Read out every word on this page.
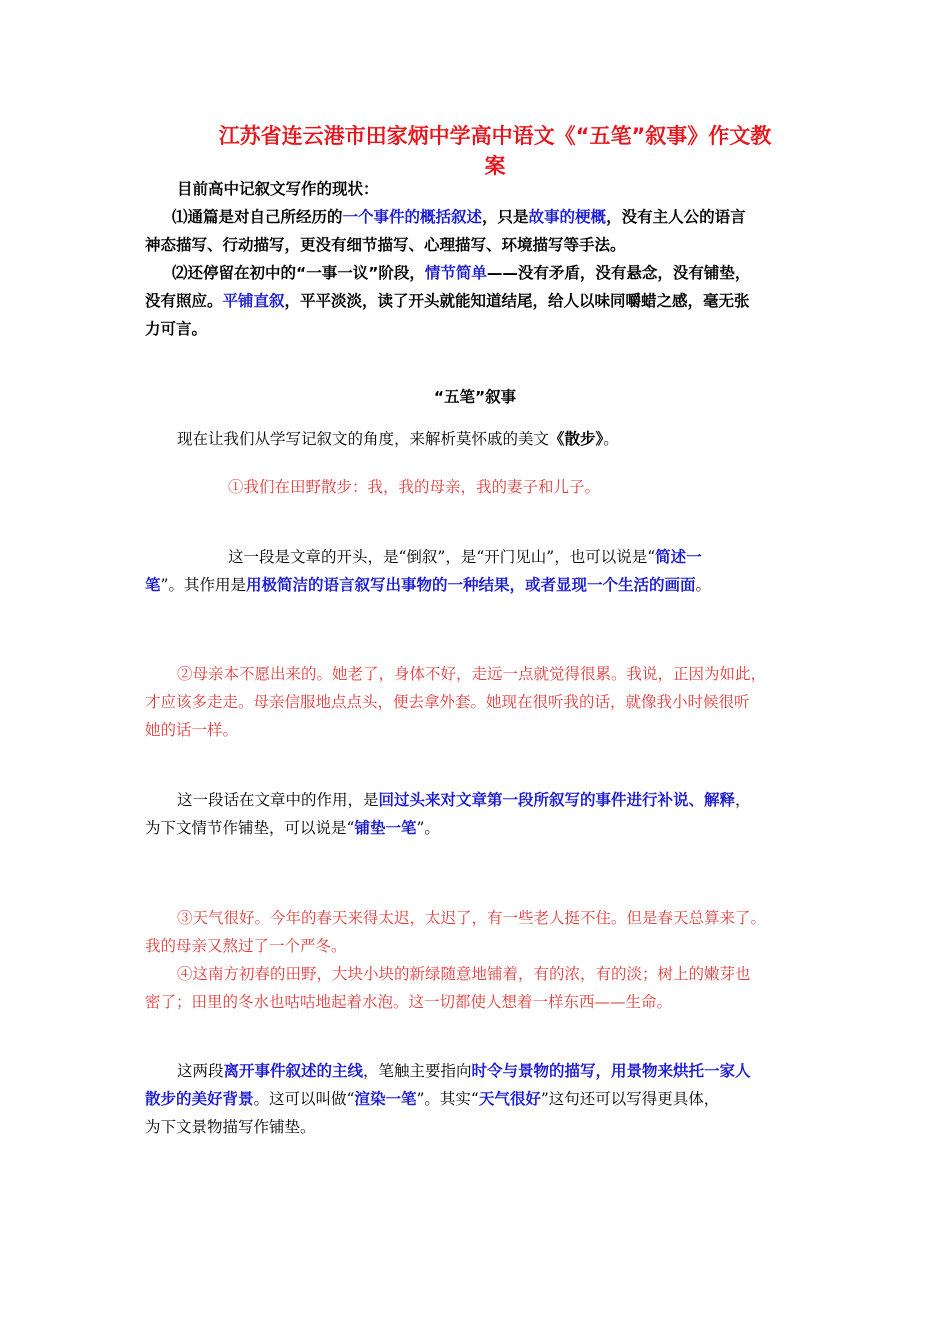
江苏省连云港市田家炳中学高中语文《“五笔”叙事》作文教
案
目前高中记叙文写作的现状：
⑴通篇是对自己所经历的一个事件的概括叙述，只是故事的梗概，没有主人公的语言
神态描写、行动描写，更没有细节描写、心理描写、环境描写等手法。
⑵还停留在初中的“一事一议”阶段，情节简单——没有矛盾，没有悬念，没有铺垫，
没有照应。平铺直叙，平平淡淡，读了开头就能知道结尾，给人以味同嚼蜡之感，毫无张
力可言。
“五笔”叙事
现在让我们从学写记叙文的角度，来解析莫怀戚的美文《散步》。
①我们在田野散步：我，我的母亲，我的妻子和儿子。
这一段是文章的开头，是“倒叙”，是“开门见山”，也可以说是“简述一
笔”。其作用是用极简洁的语言叙写出事物的一种结果，或者显现一个生活的画面。
②母亲本不愿出来的。她老了，身体不好，走远一点就觉得很累。我说，正因为如此，
才应该多走走。母亲信服地点点头，便去拿外套。她现在很听我的话，就像我小时候很听
她的话一样。
这一段话在文章中的作用，是回过头来对文章第一段所叙写的事件进行补说、解释，
为下文情节作铺垫，可以说是“铺垫一笔”。
③天气很好。今年的春天来得太迟，太迟了，有一些老人挺不住。但是春天总算来了。
我的母亲又熬过了一个严冬。
④这南方初春的田野，大块小块的新绿随意地铺着，有的浓，有的淡；树上的嫩芽也
密了；田里的冬水也咕咕地起着水泡。这一切都使人想着一样东西——生命。
这两段离开事件叙述的主线，笔触主要指向时令与景物的描写，用景物来烘托一家人
散步的美好背景。这可以叫做“渲染一笔”。其实“天气很好”这句还可以写得更具体，
为下文景物描写作铺垫。
